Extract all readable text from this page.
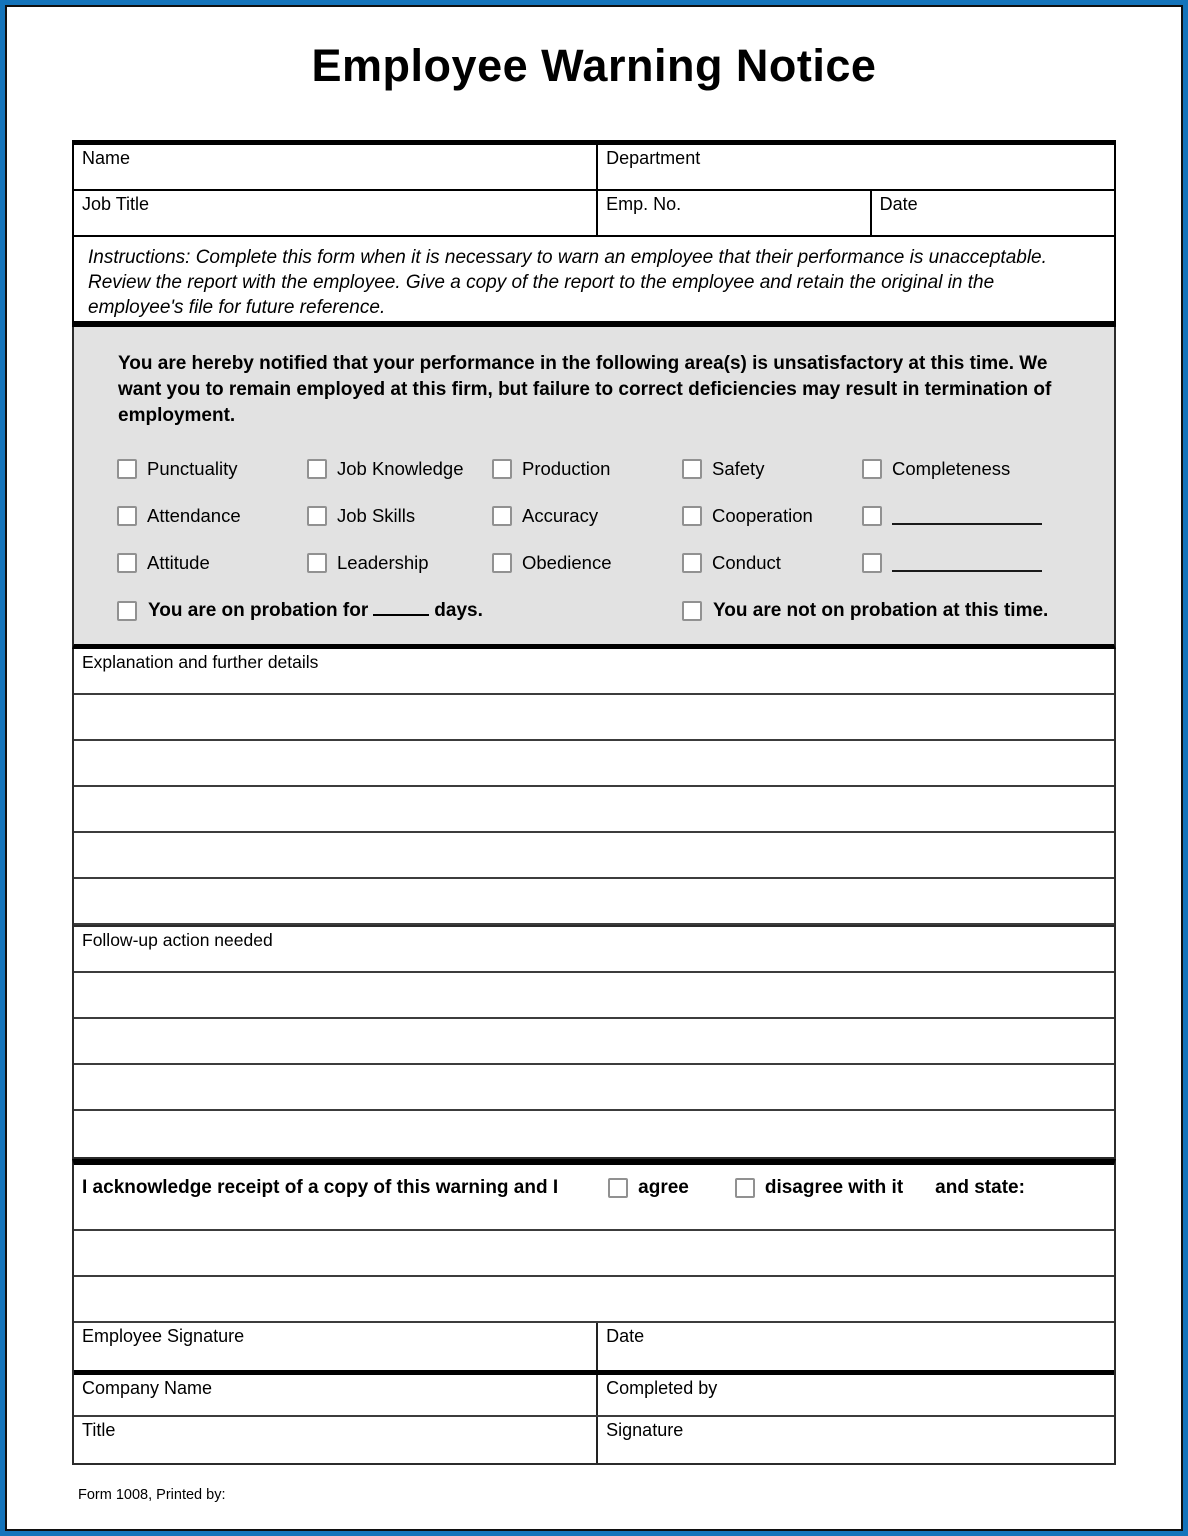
Employee Warning Notice
Name	Department
Job Title	Emp. No.	Date
Instructions: Complete this form when it is necessary to warn an employee that their performance is unacceptable.
Review the report with the employee. Give a copy of the report to the employee and retain the original in the
employee's file for future reference.
You are hereby notified that your performance in the following area(s) is unsatisfactory at this time. We
want you to remain employed at this firm, but failure to correct deficiencies may result in termination of
employment.
Punctuality	Job Knowledge	Production	Safety	Completeness
Attendance	Job Skills	Accuracy	Cooperation
Attitude	Leadership	Obedience	Conduct
You are on probation for	days.	You are not on probation at this time.
Explanation and further details
Follow-up action needed
I acknowledge receipt of a copy of this warning and I	agree	disagree with it and state:
Employee Signature	Date
Company Name	Completed by
Title	Signature
Form 1008, Printed by:
